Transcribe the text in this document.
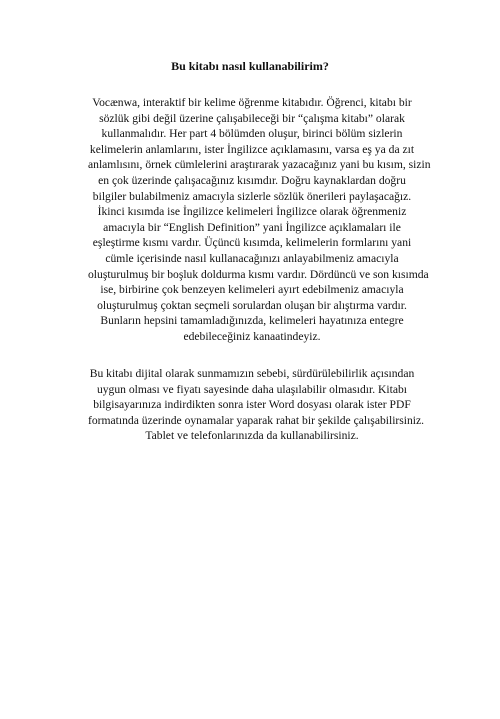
Bu kitabı nasıl kullanabilirim?

Vocænwa, interaktif bir kelime öğrenme kitabıdır. Öğrenci, kitabı bir
sözlük gibi değil üzerine çalışabileceği bir “çalışma kitabı” olarak
kullanmalıdır. Her part 4 bölümden oluşur, birinci bölüm sizlerin
kelimelerin anlamlarını, ister İngilizce açıklamasını, varsa eş ya da zıt
anlamlısını, örnek cümlelerini araştırarak yazacağınız yani bu kısım, sizin
en çok üzerinde çalışacağınız kısımdır. Doğru kaynaklardan doğru
bilgiler bulabilmeniz amacıyla sizlerle sözlük önerileri paylaşacağız.
İkinci kısımda ise İngilizce kelimeleri İngilizce olarak öğrenmeniz
amacıyla bir “English Definition” yani İngilizce açıklamaları ile
eşleştirme kısmı vardır. Üçüncü kısımda, kelimelerin formlarını yani
cümle içerisinde nasıl kullanacağınızı anlayabilmeniz amacıyla
oluşturulmuş bir boşluk doldurma kısmı vardır. Dördüncü ve son kısımda
ise, birbirine çok benzeyen kelimeleri ayırt edebilmeniz amacıyla
oluşturulmuş çoktan seçmeli sorulardan oluşan bir alıştırma vardır.
Bunların hepsini tamamladığınızda, kelimeleri hayatınıza entegre
edebileceğiniz kanaatindeyiz.

Bu kitabı dijital olarak sunmamızın sebebi, sürdürülebilirlik açısından
uygun olması ve fiyatı sayesinde daha ulaşılabilir olmasıdır. Kitabı
bilgisayarınıza indirdikten sonra ister Word dosyası olarak ister PDF
formatında üzerinde oynamalar yaparak rahat bir şekilde çalışabilirsiniz.
Tablet ve telefonlarınızda da kullanabilirsiniz.
